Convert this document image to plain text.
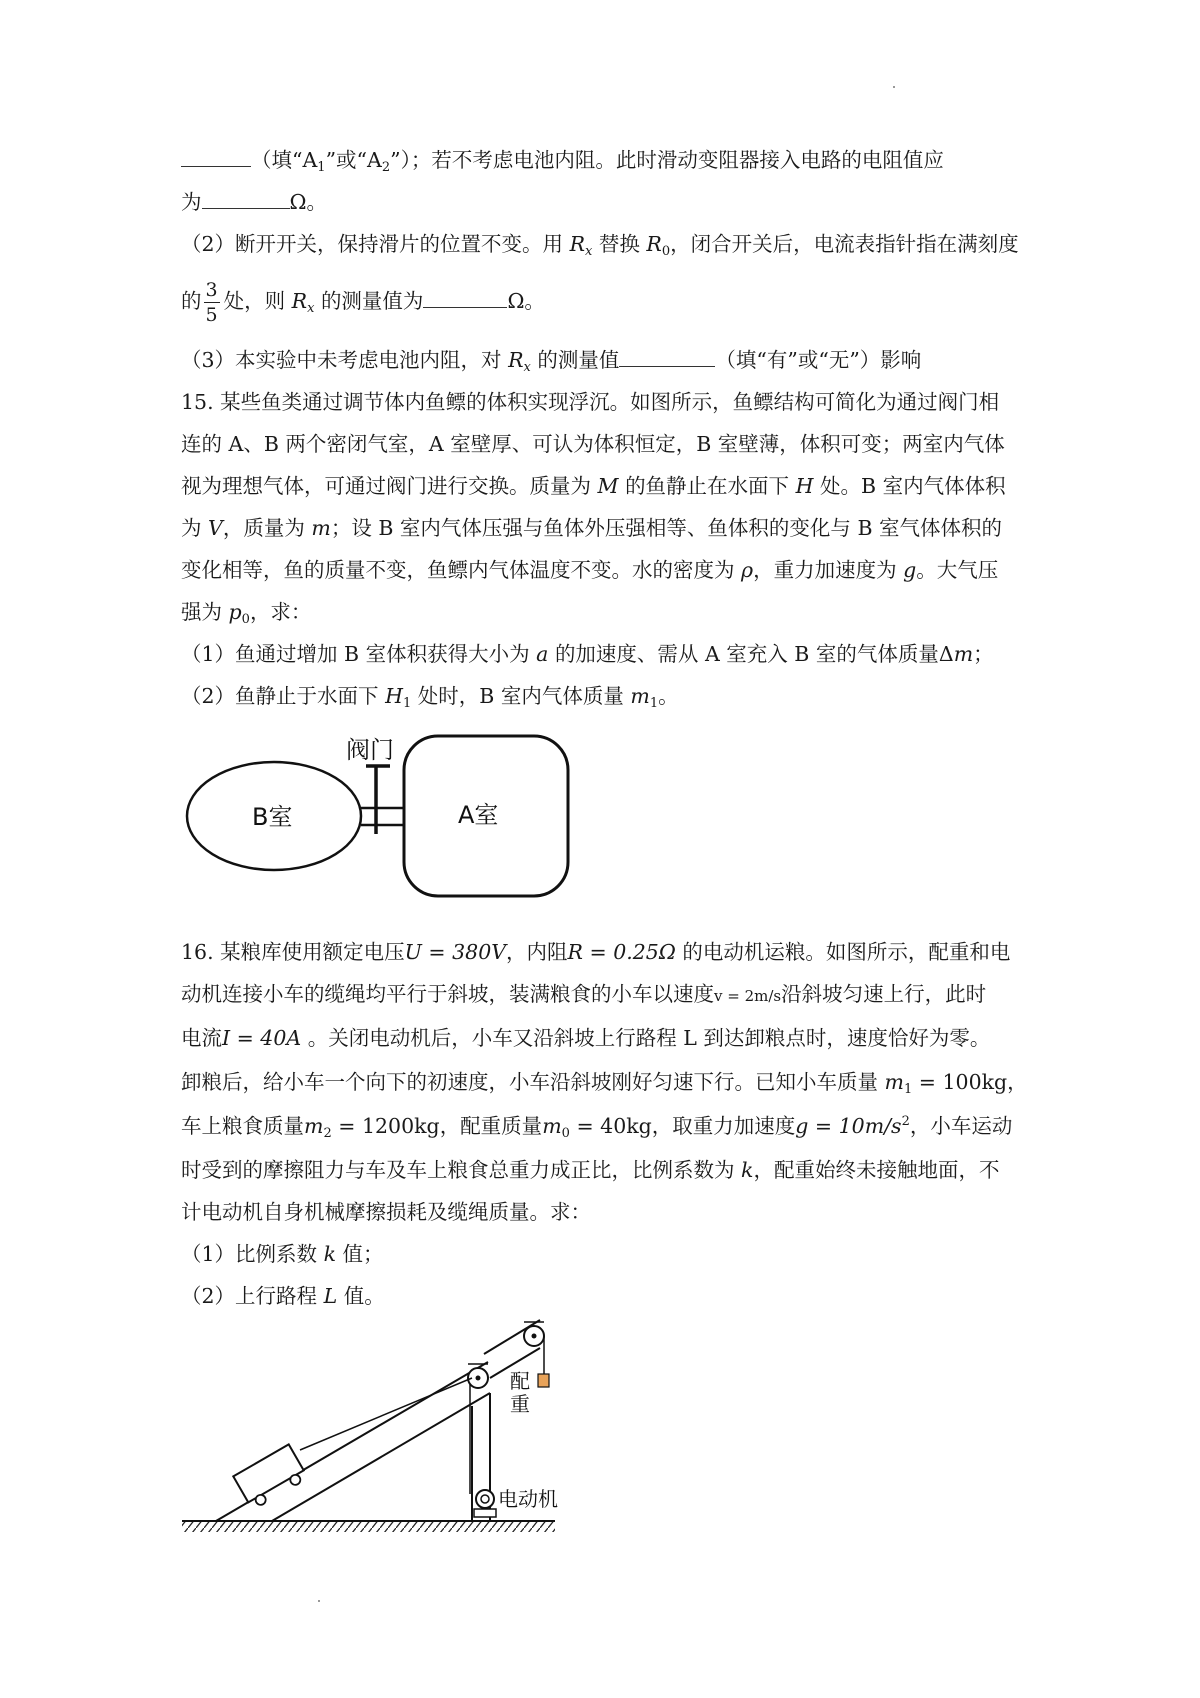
（填“$A_1$”或“$A_2$”）；若不考虑电池内阻。此时滑动变阻器接入电路的电阻值应
为	Ω。
（2）断开开关，保持滑片的位置不变。用 $R_x$ 替换 $R_0$，闭合开关后，电流表指针指在满刻度
的 $\frac{3}{5}$ 处，则 $R_x$ 的测量值为	Ω。
（3）本实验中未考虑电池内阻，对 $R_x$ 的测量值	（填“有”或“无”）影响
15. 某些鱼类通过调节体内鱼鳔的体积实现浮沉。如图所示，鱼鳔结构可简化为通过阀门相
连的 A、B 两个密闭气室，A 室壁厚、可认为体积恒定，B 室壁薄，体积可变；两室内气体
视为理想气体，可通过阀门进行交换。质量为 M 的鱼静止在水面下 H 处。B 室内气体体积
为 V，质量为 m；设 B 室内气体压强与鱼体外压强相等、鱼体积的变化与 B 室气体体积的
变化相等，鱼的质量不变，鱼鳔内气体温度不变。水的密度为 ρ，重力加速度为 g。大气压
强为 $p_0$，求：
（1）鱼通过增加 B 室体积获得大小为 a 的加速度、需从 A 室充入 B 室的气体质量Δm；
（2）鱼静止于水面下 $H_1$ 处时，B 室内气体质量 $m_1$。
B室	A室
阀门
16. 某粮库使用额定电压U = 380V，内阻R = 0.25Ω 的电动机运粮。如图所示，配重和电
动机连接小车的缆绳均平行于斜坡，装满粮食的小车以速度v = 2m/s沿斜坡匀速上行，此时
电流I = 40A 。关闭电动机后，小车又沿斜坡上行路程 L 到达卸粮点时，速度恰好为零。
卸粮后，给小车一个向下的初速度，小车沿斜坡刚好匀速下行。已知小车质量 $m_1 = 100kg$，
车上粮食质量$m_2 = 1200kg$，配重质量$m_0 = 40kg$，取重力加速度$g = 10m/s^2$，小车运动
时受到的摩擦阻力与车及车上粮食总重力成正比，比例系数为 k，配重始终未接触地面，不
计电动机自身机械摩擦损耗及缆绳质量。求：
（1）比例系数 k 值；
（2）上行路程 L 值。
配
重
电动机
